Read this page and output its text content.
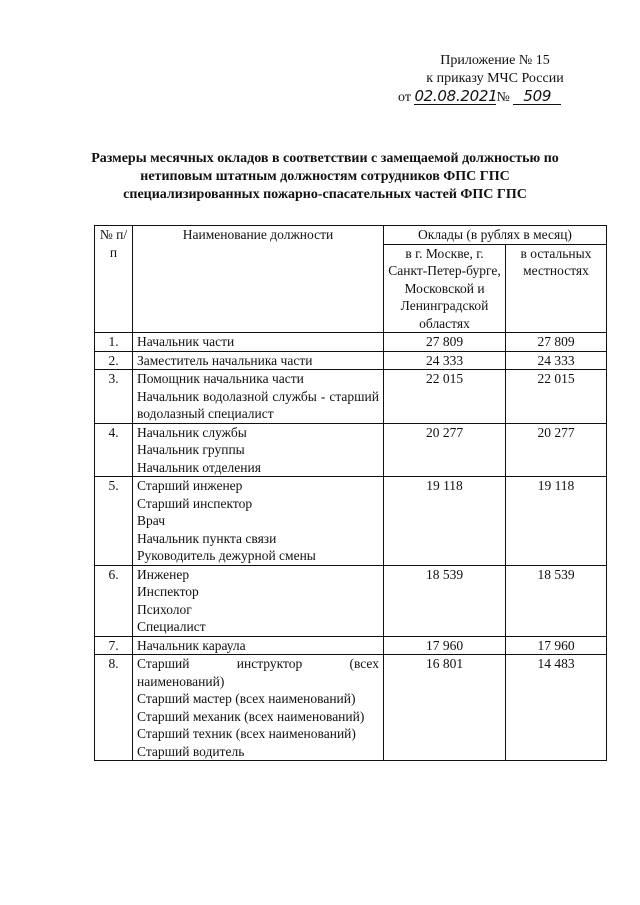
Приложение № 15
к приказу МЧС России
от 02.08.2021№ 509
Размеры месячных окладов в соответствии с замещаемой должностью по нетиповым штатным должностям сотрудников ФПС ГПС специализированных пожарно-спасательных частей ФПС ГПС
№ п/п	Наименование должности	Оклады (в рублях в месяц)	
		в г. Москве, г. Санкт-Петер-бурге, Московской и Ленинградской областях	в остальных местностях
1.	Начальник части	27 809	27 809
2.	Заместитель начальника части	24 333	24 333
3.	Помощник начальника части
Начальник водолазной службы - старший водолазный специалист	22 015	22 015
4.	Начальник службы
Начальник группы
Начальник отделения	20 277	20 277
5.	Старший инженер
Старший инспектор
Врач
Начальник пункта связи
Руководитель дежурной смены	19 118	19 118
6.	Инженер
Инспектор
Психолог
Специалист	18 539	18 539
7.	Начальник караула	17 960	17 960
8.	Старший инструктор (всех наименований)
Старший мастер (всех наименований)
Старший механик (всех наименований)
Старший техник (всех наименований)
Старший водитель	16 801	14 483
